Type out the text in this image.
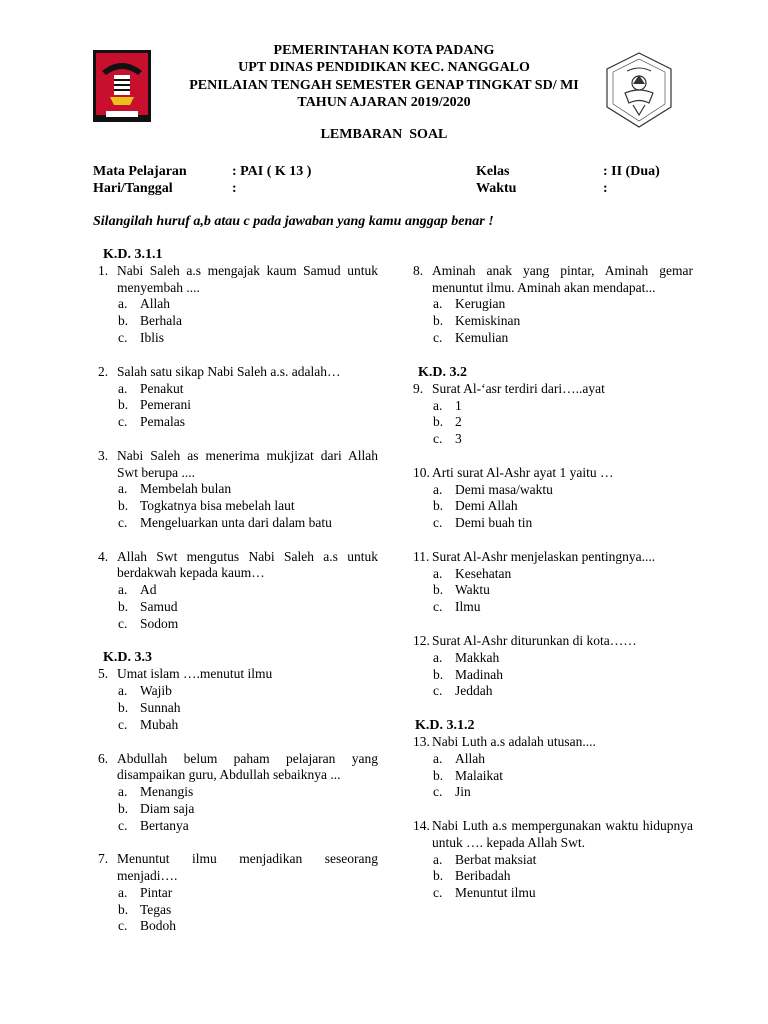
PEMERINTAHAN KOTA PADANG
UPT DINAS PENDIDIKAN KEC. NANGGALO
PENILAIAN TENGAH SEMESTER GENAP TINGKAT SD/ MI
TAHUN AJARAN 2019/2020
LEMBARAN  SOAL
Mata Pelajaran	: PAI ( K 13 )
Hari/Tanggal	:
Kelas	: II (Dua)
Waktu	:
Silangilah huruf a,b atau c pada jawaban yang kamu anggap benar !
K.D. 3.1.1
1. Nabi Saleh a.s mengajak kaum Samud untuk menyembah ....
a. Allah
b. Berhala
c. Iblis
2. Salah satu sikap Nabi Saleh a.s. adalah…
a. Penakut
b. Pemerani
c. Pemalas
3. Nabi Saleh as menerima mukjizat dari Allah Swt berupa ....
a. Membelah bulan
b. Togkatnya bisa mebelah laut
c. Mengeluarkan unta dari dalam batu
4. Allah Swt mengutus Nabi Saleh a.s untuk berdakwah kepada kaum…
a. Ad
b. Samud
c. Sodom
K.D. 3.3
5. Umat islam ….menutut ilmu
a. Wajib
b. Sunnah
c. Mubah
6. Abdullah belum paham pelajaran yang disampaikan guru, Abdullah sebaiknya ...
a. Menangis
b. Diam saja
c. Bertanya
7. Menuntut ilmu menjadikan seseorang menjadi….
a. Pintar
b. Tegas
c. Bodoh
8. Aminah anak yang pintar, Aminah gemar menuntut ilmu. Aminah akan mendapat...
a. Kerugian
b. Kemiskinan
c. Kemulian
K.D. 3.2
9. Surat Al-‘asr terdiri dari…..ayat
a. 1
b. 2
c. 3
10. Arti surat Al-Ashr ayat 1 yaitu …
a. Demi masa/waktu
b. Demi Allah
c. Demi buah tin
11. Surat Al-Ashr menjelaskan pentingnya....
a. Kesehatan
b. Waktu
c. Ilmu
12. Surat Al-Ashr diturunkan di kota……
a. Makkah
b. Madinah
c. Jeddah
K.D. 3.1.2
13. Nabi Luth a.s adalah utusan....
a. Allah
b. Malaikat
c. Jin
14. Nabi Luth a.s mempergunakan waktu hidupnya untuk …. kepada Allah Swt.
a. Berbat maksiat
b. Beribadah
c. Menuntut ilmu
